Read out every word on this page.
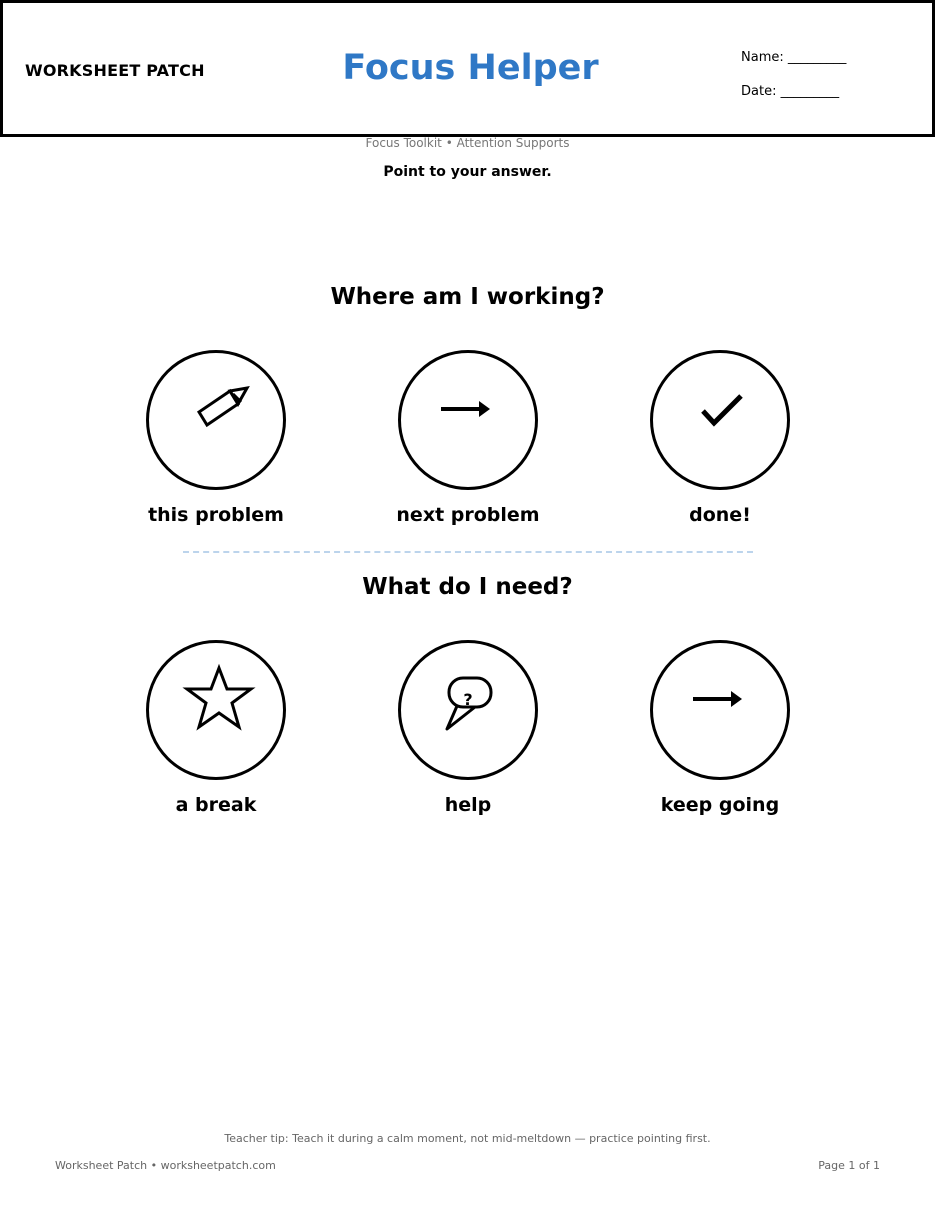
WORKSHEET PATCH	Focus Helper	Name: _________
Date: _________
Focus Toolkit • Attention Supports
Point to your answer.
Where am I working?
this problem	next problem	done!
What do I need?
a break
?
help	keep going
Teacher tip: Teach it during a calm moment, not mid-meltdown — practice pointing first.
Worksheet Patch • worksheetpatch.com	Page 1 of 1
